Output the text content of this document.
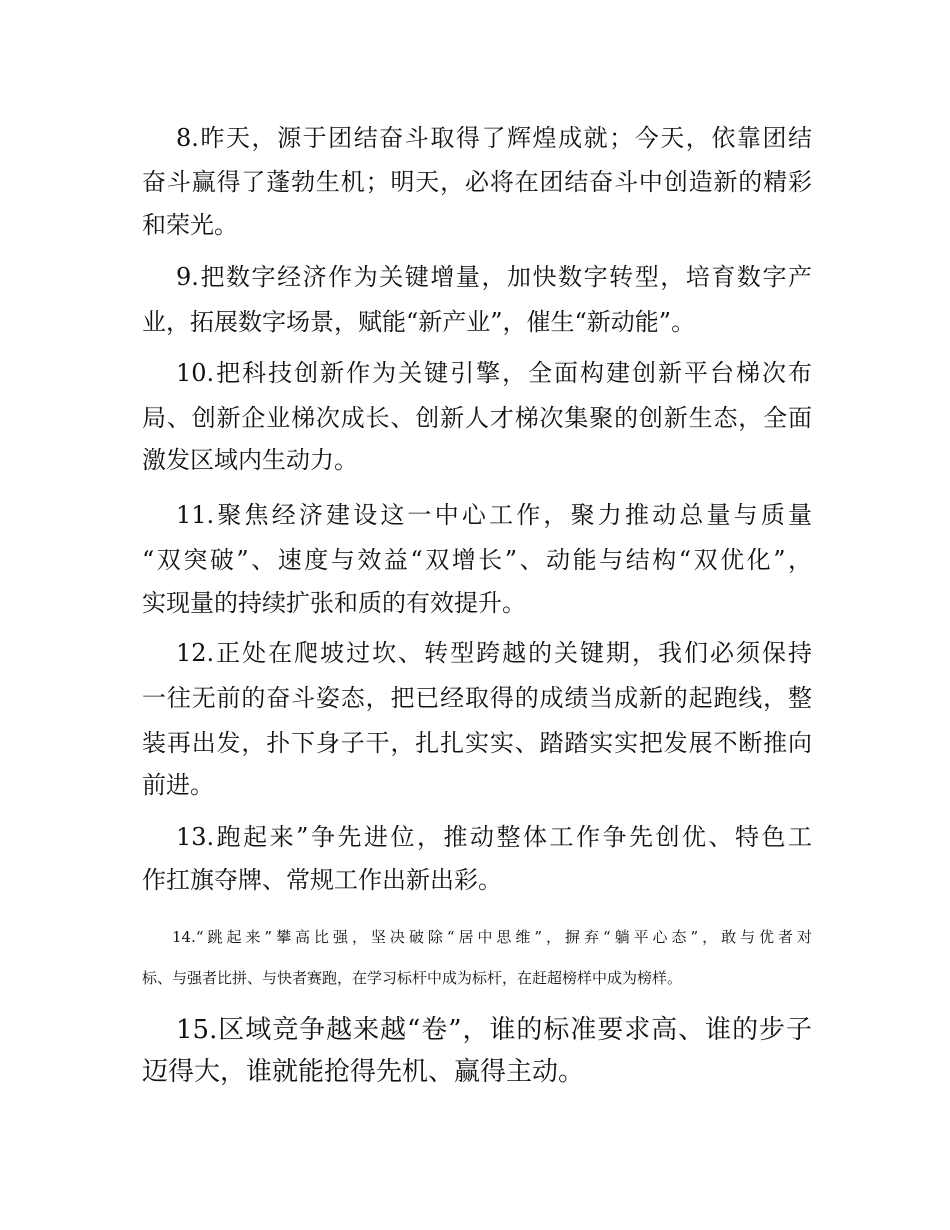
8.昨天，源于团结奋斗取得了辉煌成就；今天，依靠团结
奋斗赢得了蓬勃生机；明天，必将在团结奋斗中创造新的精彩
和荣光。
9.把数字经济作为关键增量，加快数字转型，培育数字产
业，拓展数字场景，赋能“新产业”，催生“新动能”。
10.把科技创新作为关键引擎，全面构建创新平台梯次布
局、创新企业梯次成长、创新人才梯次集聚的创新生态，全面
激发区域内生动力。
11.聚焦经济建设这一中心工作，聚力推动总量与质量
“双突破”、速度与效益“双增长”、动能与结构“双优化”，
实现量的持续扩张和质的有效提升。
12.正处在爬坡过坎、转型跨越的关键期，我们必须保持
一往无前的奋斗姿态，把已经取得的成绩当成新的起跑线，整
装再出发，扑下身子干，扎扎实实、踏踏实实把发展不断推向
前进。
13.跑起来”争先进位，推动整体工作争先创优、特色工
作扛旗夺牌、常规工作出新出彩。
14.“跳起来”攀高比强，坚决破除“居中思维”，摒弃“躺平心态”，敢与优者对
标、与强者比拼、与快者赛跑，在学习标杆中成为标杆，在赶超榜样中成为榜样。
15.区域竞争越来越“卷”，谁的标准要求高、谁的步子
迈得大，谁就能抢得先机、赢得主动。
